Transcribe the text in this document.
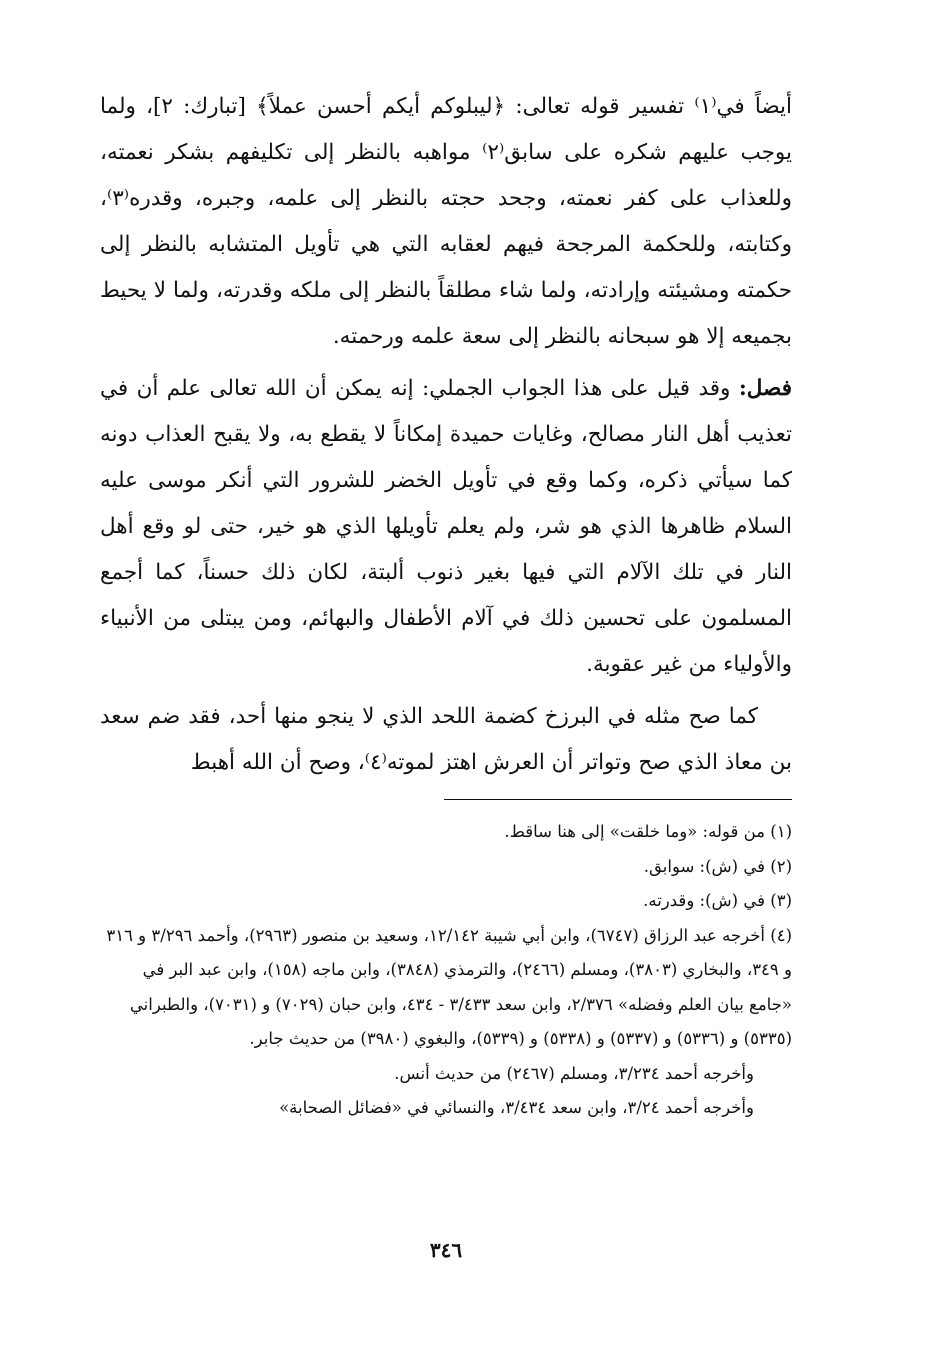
أيضاً في⁽١⁾ تفسير قوله تعالى: ﴿ليبلوكم أيكم أحسن عملاً﴾ [تبارك: ٢]، ولما يوجب عليهم شكره على سابق⁽٢⁾ مواهبه بالنظر إلى تكليفهم بشكر نعمته، وللعذاب على كفر نعمته، وجحد حجته بالنظر إلى علمه، وجبره، وقدره⁽٣⁾، وكتابته، وللحكمة المرجحة فيهم لعقابه التي هي تأويل المتشابه بالنظر إلى حكمته ومشيئته وإرادته، ولما شاء مطلقاً بالنظر إلى ملكه وقدرته، ولما لا يحيط بجميعه إلا هو سبحانه بالنظر إلى سعة علمه ورحمته.

فصل: وقد قيل على هذا الجواب الجملي: إنه يمكن أن الله تعالى علم أن في تعذيب أهل النار مصالح، وغايات حميدة إمكاناً لا يقطع به، ولا يقبح العذاب دونه كما سيأتي ذكره، وكما وقع في تأويل الخضر للشرور التي أنكر موسى عليه السلام ظاهرها الذي هو شر، ولم يعلم تأويلها الذي هو خير، حتى لو وقع أهل النار في تلك الآلام التي فيها بغير ذنوب ألبتة، لكان ذلك حسناً، كما أجمع المسلمون على تحسين ذلك في آلام الأطفال والبهائم، ومن يبتلى من الأنبياء والأولياء من غير عقوبة.

كما صح مثله في البرزخ كضمة اللحد الذي لا ينجو منها أحد، فقد ضم سعد بن معاذ الذي صح وتواتر أن العرش اهتز لموته⁽٤⁾، وصح أن الله أهبط

(١) من قوله: «وما خلقت» إلى هنا ساقط.
(٢) في (ش): سوابق.
(٣) في (ش): وقدرته.
(٤) أخرجه عبد الرزاق (٦٧٤٧)، وابن أبي شيبة ١٢/١٤٢، وسعيد بن منصور (٢٩٦٣)، وأحمد ٣/٢٩٦ و ٣١٦ و ٣٤٩، والبخاري (٣٨٠٣)، ومسلم (٢٤٦٦)، والترمذي (٣٨٤٨)، وابن ماجه (١٥٨)، وابن عبد البر في «جامع بيان العلم وفضله» ٢/٣٧٦، وابن سعد ٣/٤٣٣ - ٤٣٤، وابن حبان (٧٠٢٩) و (٧٠٣١)، والطبراني (٥٣٣٥) و (٥٣٣٦) و (٥٣٣٧) و (٥٣٣٨) و (٥٣٣٩)، والبغوي (٣٩٨٠) من حديث جابر.
وأخرجه أحمد ٣/٢٣٤، ومسلم (٢٤٦٧) من حديث أنس.
وأخرجه أحمد ٣/٢٤، وابن سعد ٣/٤٣٤، والنسائي في «فضائل الصحابة»

٣٤٦
